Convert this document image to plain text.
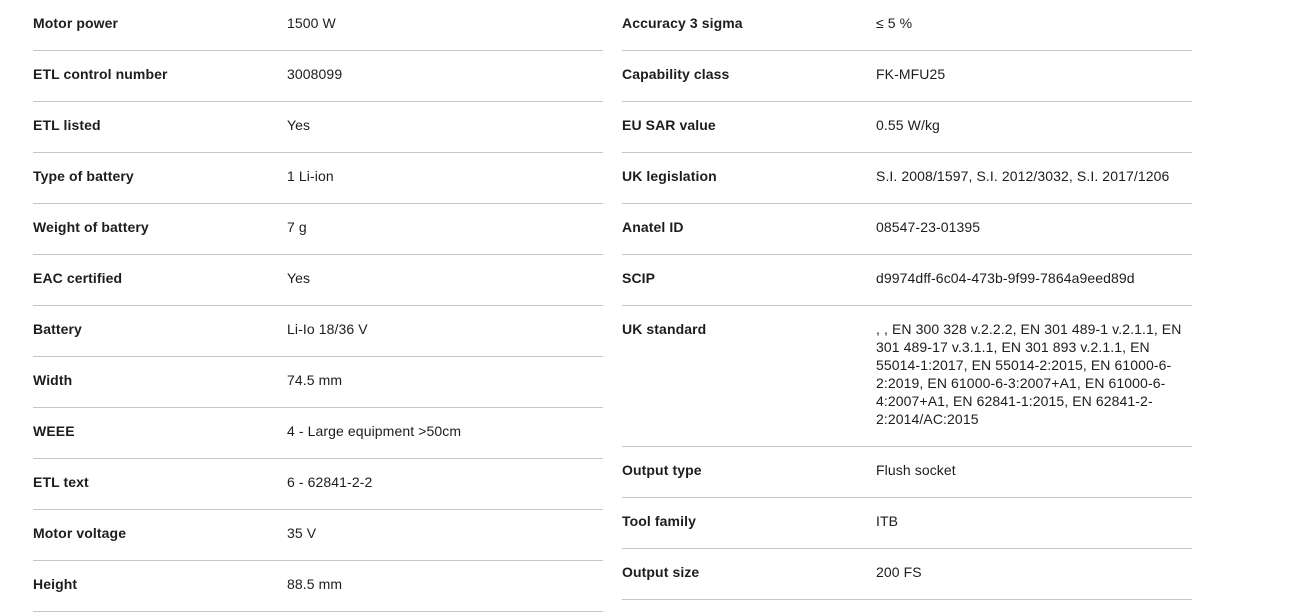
Motor power	1500 W
ETL control number	3008099
ETL listed	Yes
Type of battery	1 Li-ion
Weight of battery	7 g
EAC certified	Yes
Battery	Li-Io 18/36 V
Width	74.5 mm
WEEE	4 - Large equipment >50cm
ETL text	6 - 62841-2-2
Motor voltage	35 V
Height	88.5 mm
Accuracy 3 sigma	≤ 5 %
Capability class	FK-MFU25
EU SAR value	0.55 W/kg
UK legislation	S.I. 2008/1597, S.I. 2012/3032, S.I. 2017/1206
Anatel ID	08547-23-01395
SCIP	d9974dff-6c04-473b-9f99-7864a9eed89d
UK standard	, , EN 300 328 v.2.2.2, EN 301 489-1 v.2.1.1, EN 301 489-17 v.3.1.1, EN 301 893 v.2.1.1, EN 55014-1:2017, EN 55014-2:2015, EN 61000-6-2:2019, EN 61000-6-3:2007+A1, EN 61000-6-4:2007+A1, EN 62841-1:2015, EN 62841-2-2:2014/AC:2015
Output type	Flush socket
Tool family	ITB
Output size	200 FS
